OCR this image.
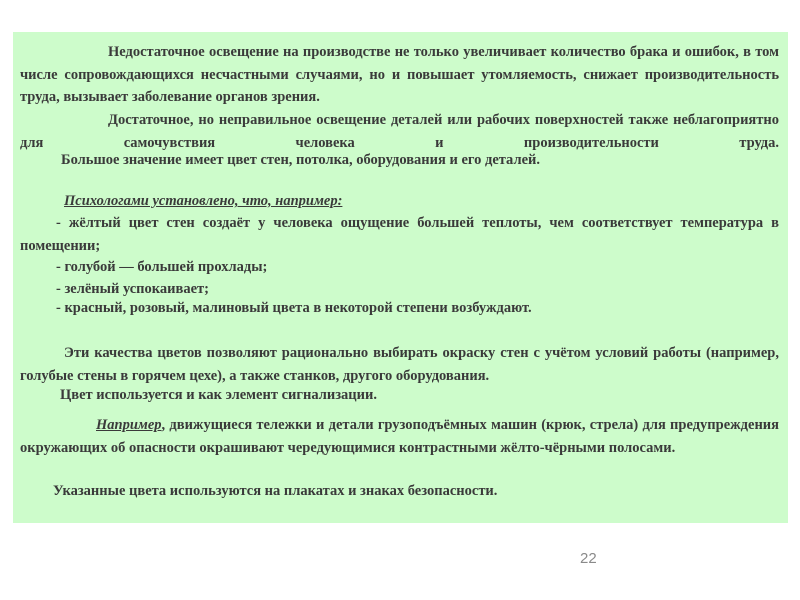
Недостаточное освещение на производстве не только увеличивает количество брака и ошибок, в том числе сопровождающихся несчастными случаями, но и повышает утомляемость, снижает производительность труда, вызывает заболевание органов зрения.

Достаточное, но неправильное освещение деталей или рабочих поверхностей также неблагоприятно для самочувствия человека и производительности труда.

Большое значение имеет цвет стен, потолка, оборудования и его деталей.

Психологами установлено, что, например:

- жёлтый цвет стен создаёт у человека ощущение большей теплоты, чем соответствует температура в помещении;

- голубой — большей прохлады;

- зелёный успокаивает;

- красный, розовый, малиновый цвета в некоторой степени возбуждают.

Эти качества цветов позволяют рационально выбирать окраску стен с учётом условий работы (например, голубые стены в горячем цехе), а также станков, другого оборудования.

Цвет используется и как элемент сигнализации.

Например, движущиеся тележки и детали грузоподъёмных машин (крюк, стрела) для предупреждения окружающих об опасности окрашивают чередующимися контрастными жёлто-чёрными полосами.

Указанные цвета используются на плакатах и знаках безопасности.

22
